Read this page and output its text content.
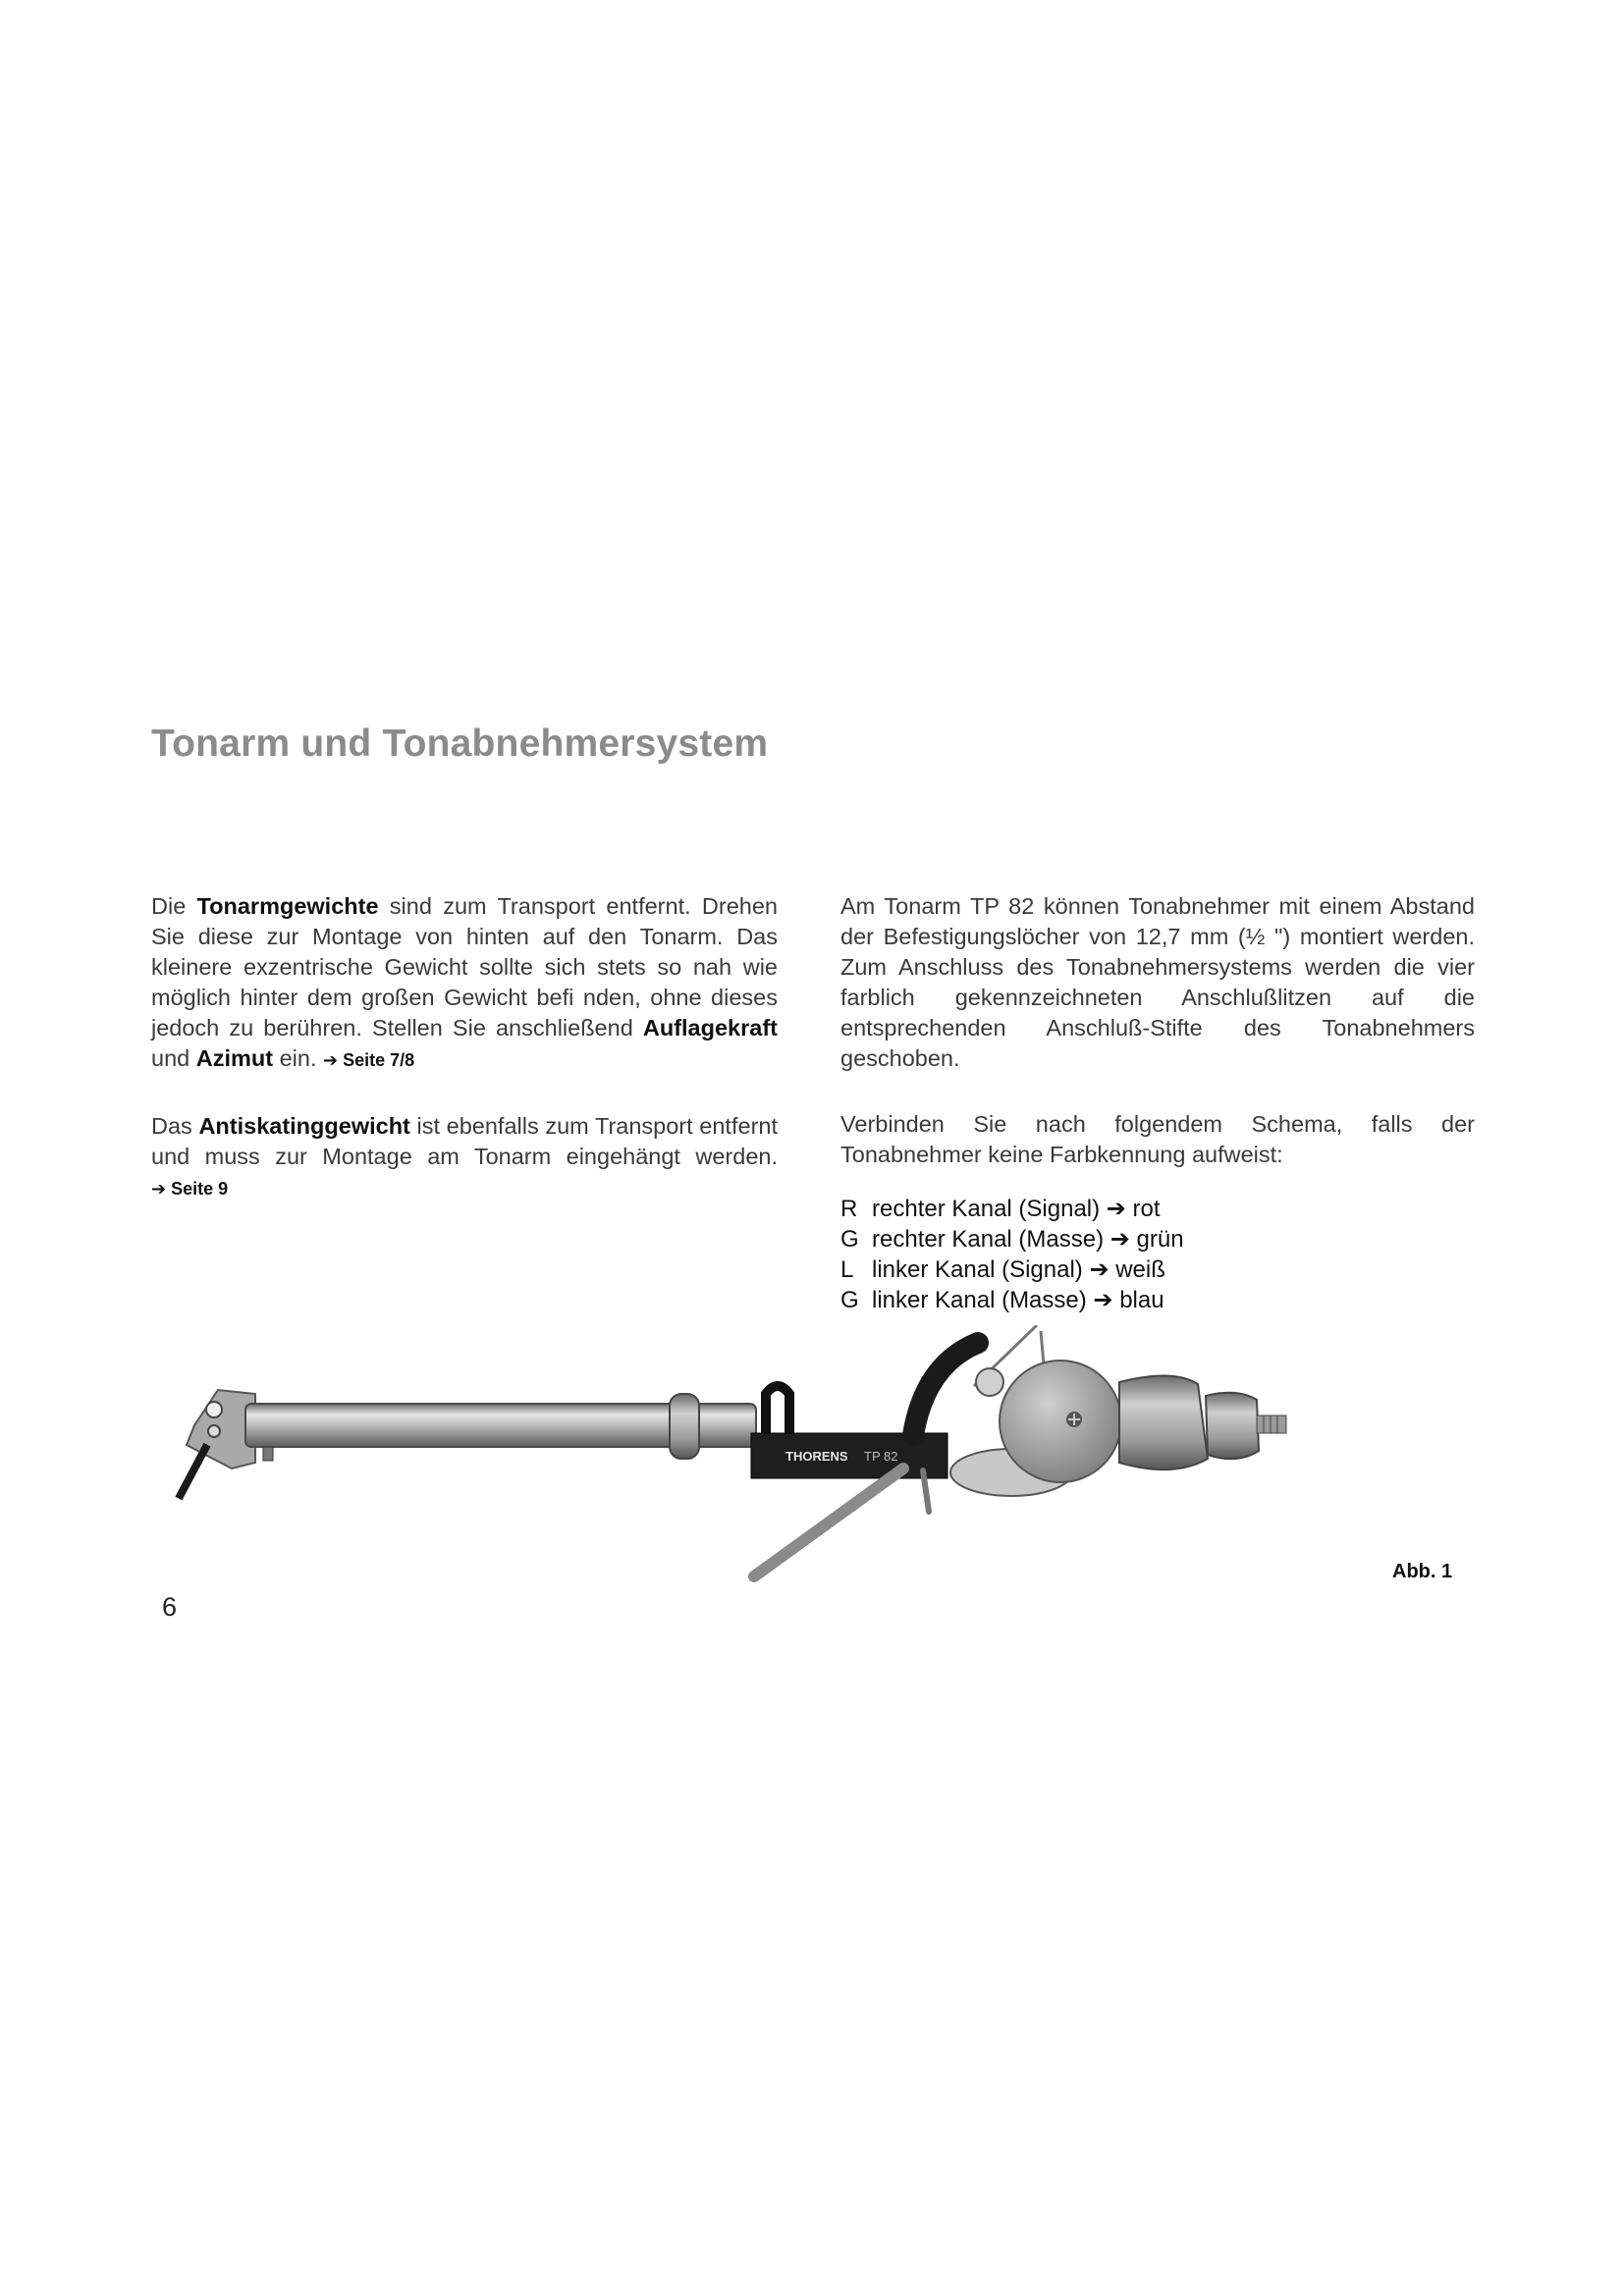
Tonarm und Tonabnehmersystem

Die Tonarmgewichte sind zum Transport entfernt. Drehen Sie diese zur Montage von hinten auf den Tonarm. Das kleinere exzentrische Gewicht sollte sich stets so nah wie möglich hinter dem großen Gewicht befi nden, ohne dieses jedoch zu berühren. Stellen Sie anschließend Auflagekraft und Azimut ein. ➔ Seite 7/8

Das Antiskatinggewicht ist ebenfalls zum Transport entfernt und muss zur Montage am Tonarm eingehängt werden. ➔ Seite 9

Am Tonarm TP 82 können Tonabnehmer mit einem Abstand der Befestigungslöcher von 12,7 mm (½ ") montiert werden. Zum Anschluss des Tonabnehmersystems werden die vier farblich gekennzeichneten Anschlußlitzen auf die entsprechenden Anschluß-Stifte des Tonabnehmers geschoben.

Verbinden Sie nach folgendem Schema, falls der Tonabnehmer keine Farbkennung aufweist:

R rechter Kanal (Signal) ➔ rot
G rechter Kanal (Masse) ➔ grün
L linker Kanal (Signal) ➔ weiß
G linker Kanal (Masse) ➔ blau
THORENS TP 82
Abb. 1
6
